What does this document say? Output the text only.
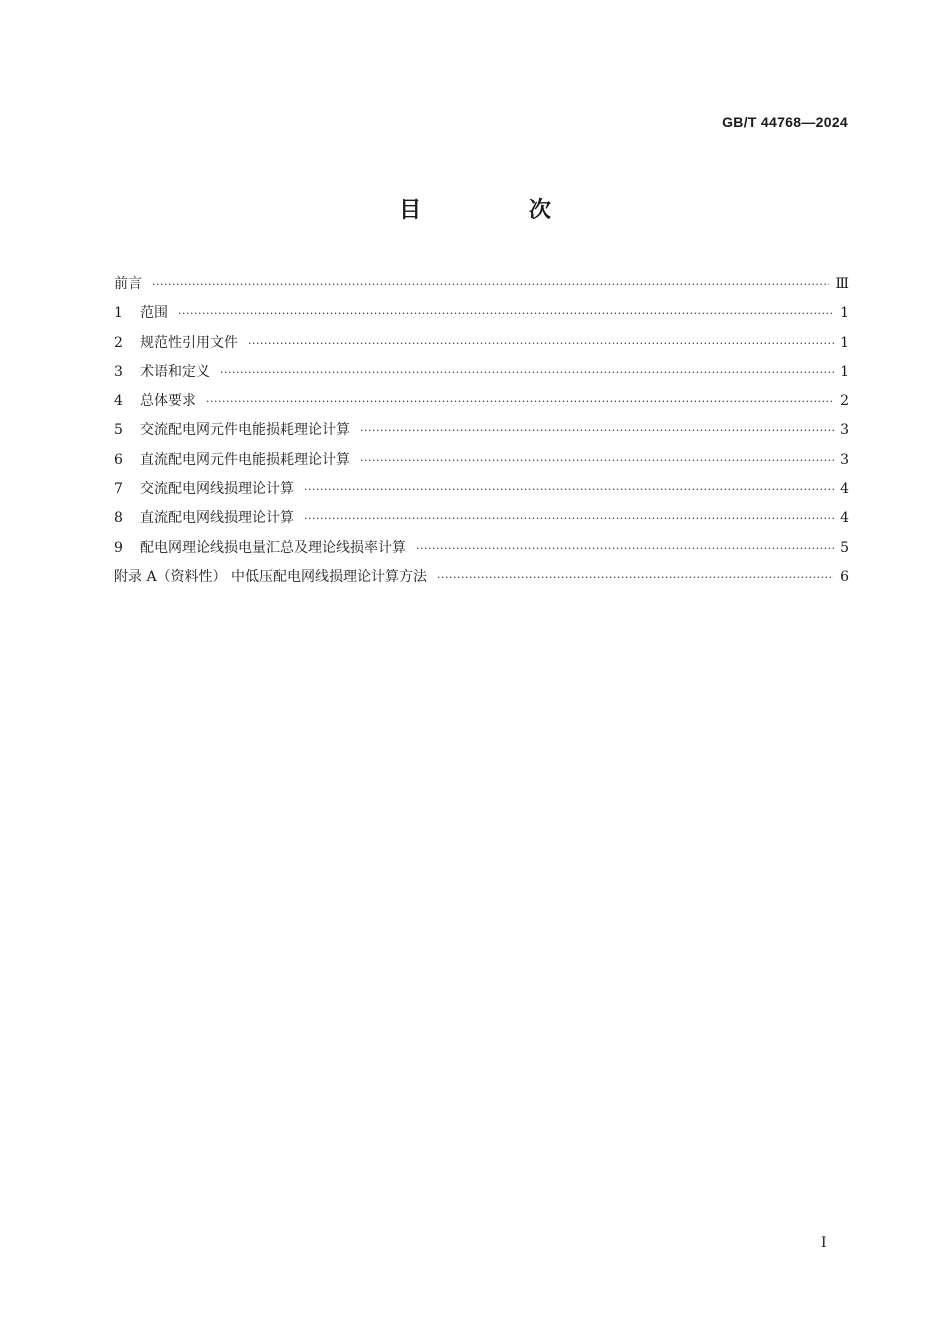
GB/T 44768—2024
目 次
前言 ·····	Ⅲ
1	范围 ·····	1
2	规范性引用文件 ·····	1
3	术语和定义 ·····	1
4	总体要求 ·····	2
5	交流配电网元件电能损耗理论计算 ·····	3
6	直流配电网元件电能损耗理论计算 ·····	3
7	交流配电网线损理论计算 ·····	4
8	直流配电网线损理论计算 ·····	4
9	配电网理论线损电量汇总及理论线损率计算 ·····	5
附录 A（资料性） 中低压配电网线损理论计算方法 ·····	6
I
